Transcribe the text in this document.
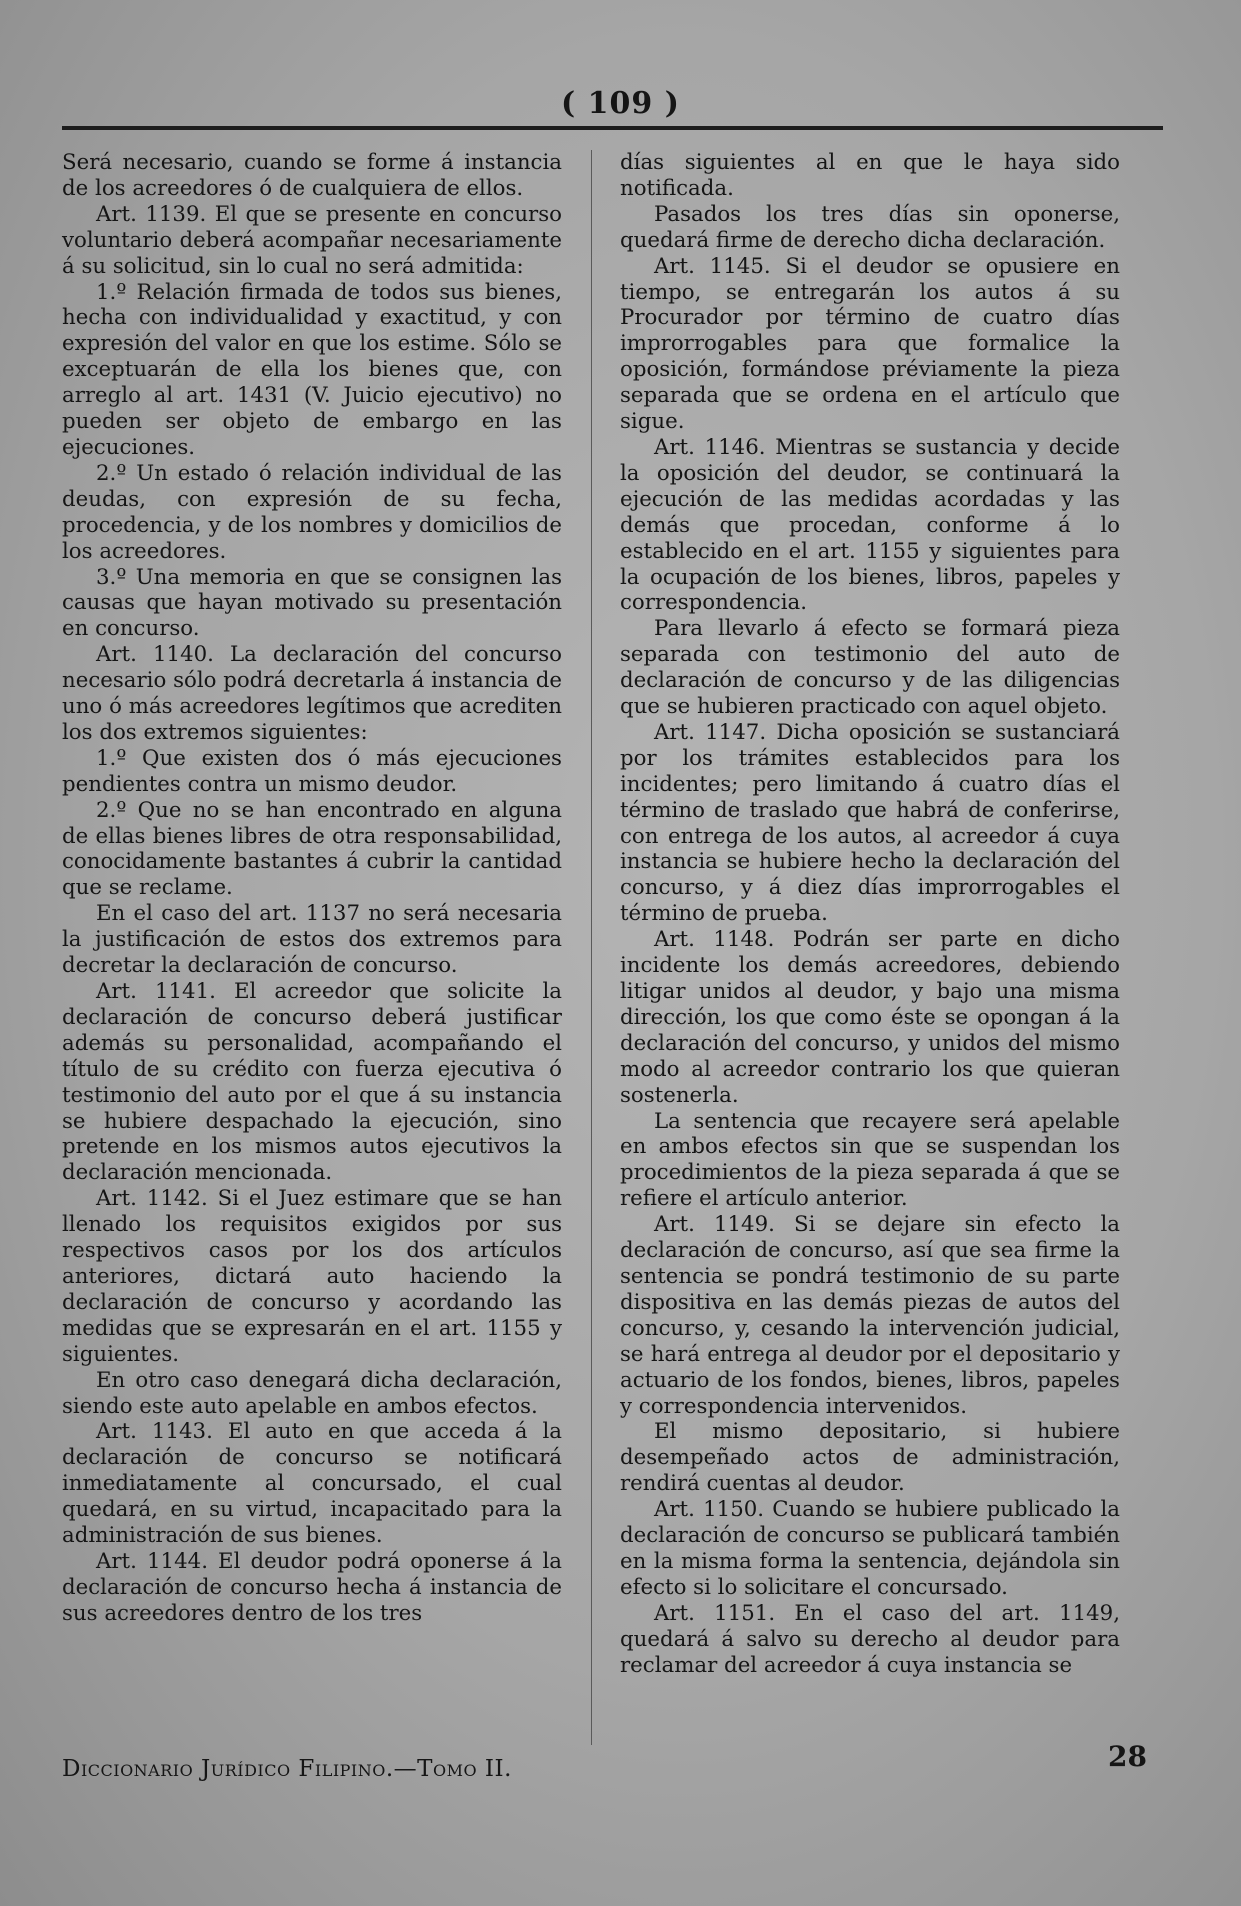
( 109 )

Será necesario, cuando se forme á instancia de los acreedores ó de cualquiera de ellos.

Art. 1139. El que se presente en concurso voluntario deberá acompañar necesariamente á su solicitud, sin lo cual no será admitida:

1.º Relación firmada de todos sus bienes, hecha con individualidad y exactitud, y con expresión del valor en que los estime. Sólo se exceptuarán de ella los bienes que, con arreglo al art. 1431 (V. Juicio ejecutivo) no pueden ser objeto de embargo en las ejecuciones.

2.º Un estado ó relación individual de las deudas, con expresión de su fecha, procedencia, y de los nombres y domicilios de los acreedores.

3.º Una memoria en que se consignen las causas que hayan motivado su presentación en concurso.

Art. 1140. La declaración del concurso necesario sólo podrá decretarla á instancia de uno ó más acreedores legítimos que acrediten los dos extremos siguientes:

1.º Que existen dos ó más ejecuciones pendientes contra un mismo deudor.

2.º Que no se han encontrado en alguna de ellas bienes libres de otra responsabilidad, conocidamente bastantes á cubrir la cantidad que se reclame.

En el caso del art. 1137 no será necesaria la justificación de estos dos extremos para decretar la declaración de concurso.

Art. 1141. El acreedor que solicite la declaración de concurso deberá justificar además su personalidad, acompañando el título de su crédito con fuerza ejecutiva ó testimonio del auto por el que á su instancia se hubiere despachado la ejecución, sino pretende en los mismos autos ejecutivos la declaración mencionada.

Art. 1142. Si el Juez estimare que se han llenado los requisitos exigidos por sus respectivos casos por los dos artículos anteriores, dictará auto haciendo la declaración de concurso y acordando las medidas que se expresarán en el art. 1155 y siguientes.

En otro caso denegará dicha declaración, siendo este auto apelable en ambos efectos.

Art. 1143. El auto en que acceda á la declaración de concurso se notificará inmediatamente al concursado, el cual quedará, en su virtud, incapacitado para la administración de sus bienes.

Art. 1144. El deudor podrá oponerse á la declaración de concurso hecha á instancia de sus acreedores dentro de los tres

días siguientes al en que le haya sido notificada.

Pasados los tres días sin oponerse, quedará firme de derecho dicha declaración.

Art. 1145. Si el deudor se opusiere en tiempo, se entregarán los autos á su Procurador por término de cuatro días improrrogables para que formalice la oposición, formándose préviamente la pieza separada que se ordena en el artículo que sigue.

Art. 1146. Mientras se sustancia y decide la oposición del deudor, se continuará la ejecución de las medidas acordadas y las demás que procedan, conforme á lo establecido en el art. 1155 y siguientes para la ocupación de los bienes, libros, papeles y correspondencia.

Para llevarlo á efecto se formará pieza separada con testimonio del auto de declaración de concurso y de las diligencias que se hubieren practicado con aquel objeto.

Art. 1147. Dicha oposición se sustanciará por los trámites establecidos para los incidentes; pero limitando á cuatro días el término de traslado que habrá de conferirse, con entrega de los autos, al acreedor á cuya instancia se hubiere hecho la declaración del concurso, y á diez días improrrogables el término de prueba.

Art. 1148. Podrán ser parte en dicho incidente los demás acreedores, debiendo litigar unidos al deudor, y bajo una misma dirección, los que como éste se opongan á la declaración del concurso, y unidos del mismo modo al acreedor contrario los que quieran sostenerla.

La sentencia que recayere será apelable en ambos efectos sin que se suspendan los procedimientos de la pieza separada á que se refiere el artículo anterior.

Art. 1149. Si se dejare sin efecto la declaración de concurso, así que sea firme la sentencia se pondrá testimonio de su parte dispositiva en las demás piezas de autos del concurso, y, cesando la intervención judicial, se hará entrega al deudor por el depositario y actuario de los fondos, bienes, libros, papeles y correspondencia intervenidos.

El mismo depositario, si hubiere desempeñado actos de administración, rendirá cuentas al deudor.

Art. 1150. Cuando se hubiere publicado la declaración de concurso se publicará también en la misma forma la sentencia, dejándola sin efecto si lo solicitare el concursado.

Art. 1151. En el caso del art. 1149, quedará á salvo su derecho al deudor para reclamar del acreedor á cuya instancia se

Diccionario Jurídico Filipino.—Tomo II.	28
